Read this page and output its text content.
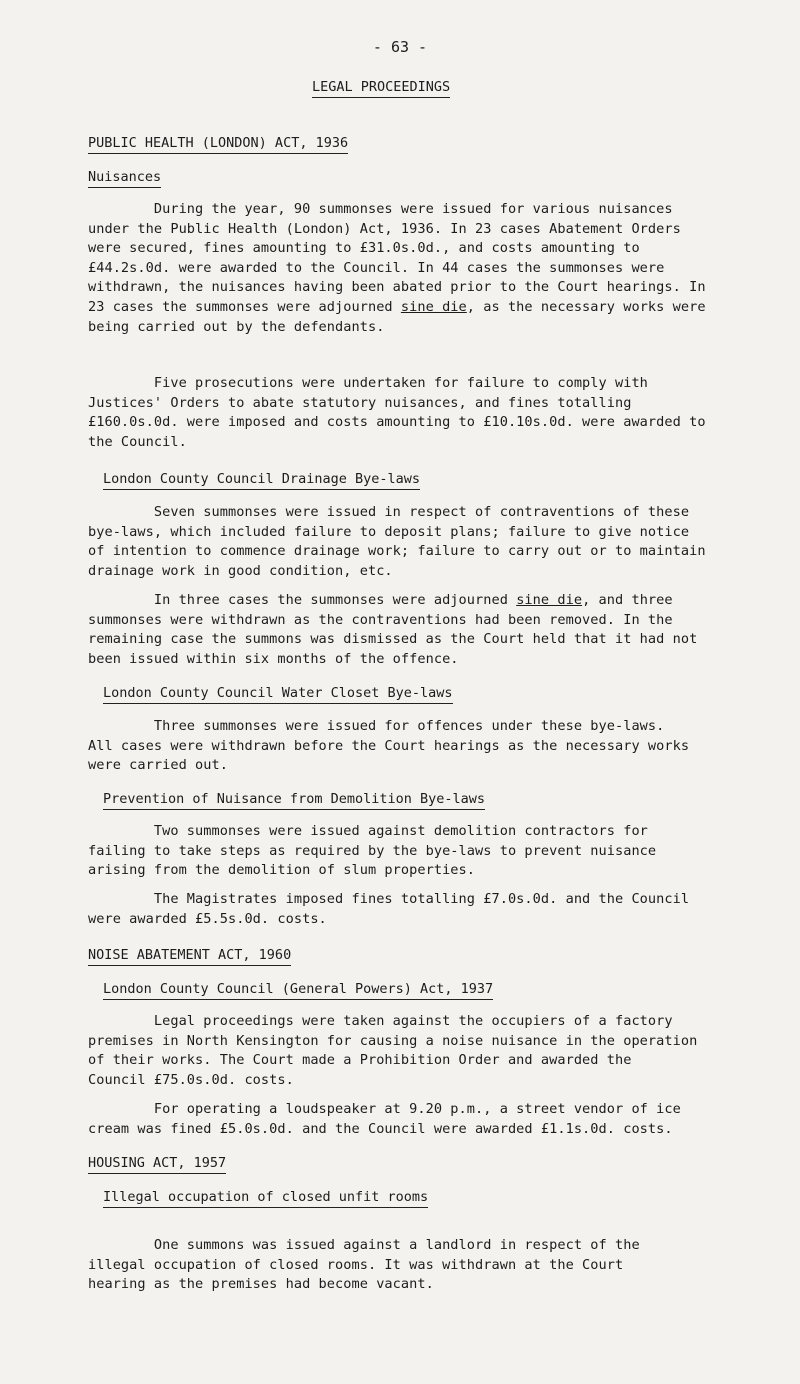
- 63 -
LEGAL PROCEEDINGS
PUBLIC HEALTH (LONDON) ACT, 1936
Nuisances
During the year, 90 summonses were issued for various nuisances
under the Public Health (London) Act, 1936. In 23 cases Abatement Orders
were secured, fines amounting to £31.0s.0d., and costs amounting to
£44.2s.0d. were awarded to the Council. In 44 cases the summonses were
withdrawn, the nuisances having been abated prior to the Court hearings. In
23 cases the summonses were adjourned sine die, as the necessary works were
being carried out by the defendants.
Five prosecutions were undertaken for failure to comply with
Justices' Orders to abate statutory nuisances, and fines totalling
£160.0s.0d. were imposed and costs amounting to £10.10s.0d. were awarded to
the Council.
London County Council Drainage Bye-laws
Seven summonses were issued in respect of contraventions of these
bye-laws, which included failure to deposit plans; failure to give notice
of intention to commence drainage work; failure to carry out or to maintain
drainage work in good condition, etc.
In three cases the summonses were adjourned sine die, and three
summonses were withdrawn as the contraventions had been removed. In the
remaining case the summons was dismissed as the Court held that it had not
been issued within six months of the offence.
London County Council Water Closet Bye-laws
Three summonses were issued for offences under these bye-laws.
All cases were withdrawn before the Court hearings as the necessary works
were carried out.
Prevention of Nuisance from Demolition Bye-laws
Two summonses were issued against demolition contractors for
failing to take steps as required by the bye-laws to prevent nuisance
arising from the demolition of slum properties.
The Magistrates imposed fines totalling £7.0s.0d. and the Council
were awarded £5.5s.0d. costs.
NOISE ABATEMENT ACT, 1960
London County Council (General Powers) Act, 1937
Legal proceedings were taken against the occupiers of a factory
premises in North Kensington for causing a noise nuisance in the operation
of their works. The Court made a Prohibition Order and awarded the
Council £75.0s.0d. costs.
For operating a loudspeaker at 9.20 p.m., a street vendor of ice
cream was fined £5.0s.0d. and the Council were awarded £1.1s.0d. costs.
HOUSING ACT, 1957
Illegal occupation of closed unfit rooms
One summons was issued against a landlord in respect of the
illegal occupation of closed rooms. It was withdrawn at the Court
hearing as the premises had become vacant.
